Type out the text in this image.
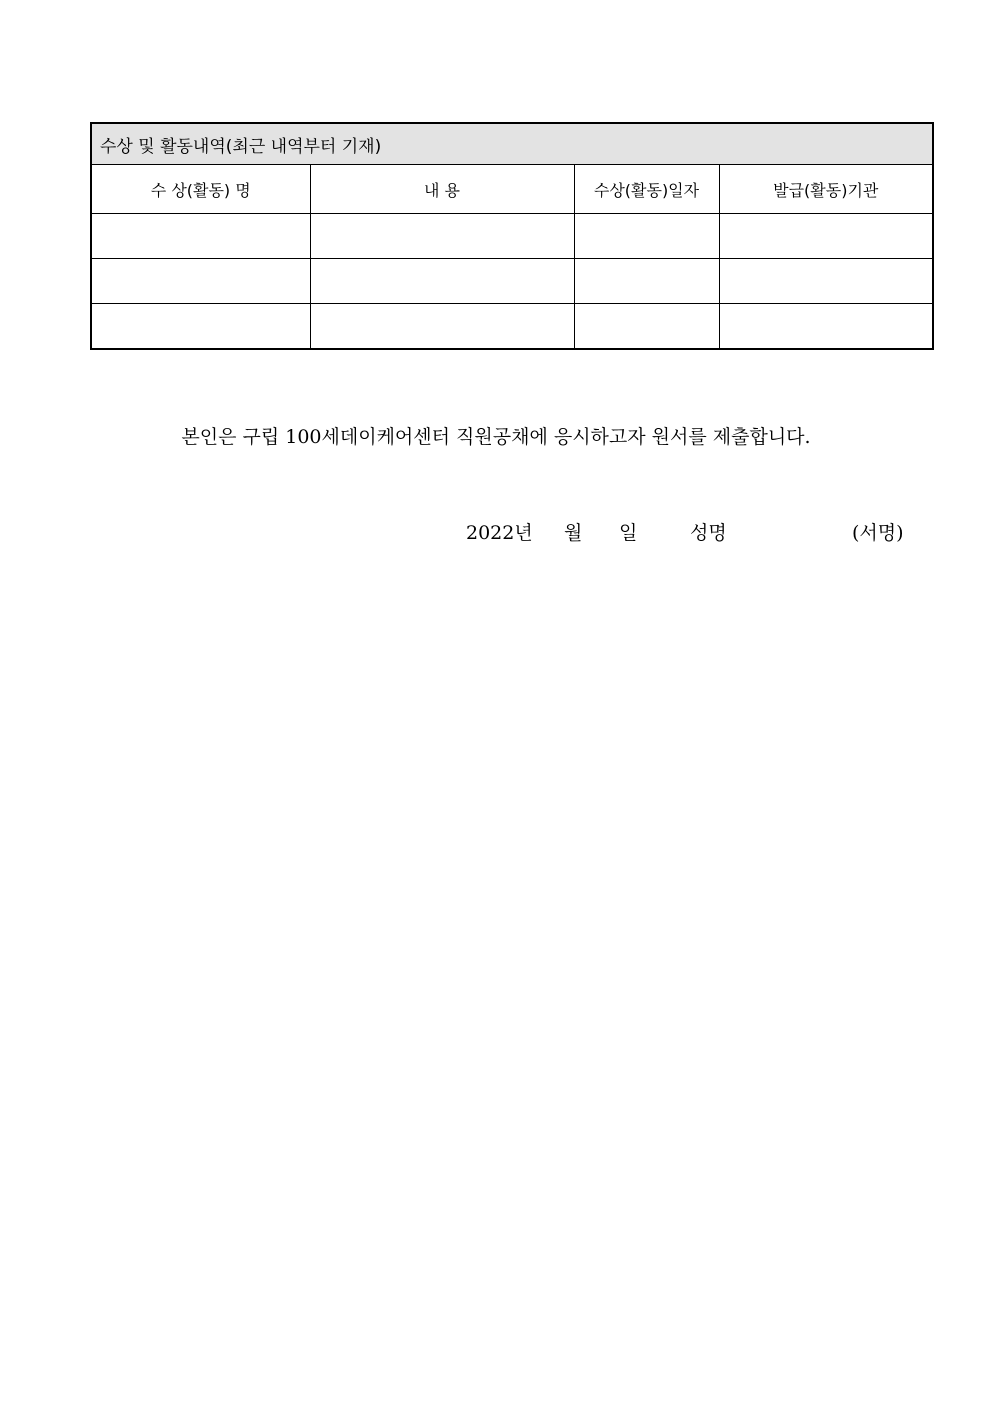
수상 및 활동내역(최근 내역부터 기재)			
수 상(활동) 명	내 용	수상(활동)일자	발급(활동)기관

본인은 구립 100세데이케어센터 직원공채에 응시하고자 원서를 제출합니다.
2022년 월 일	성명	(서명)
